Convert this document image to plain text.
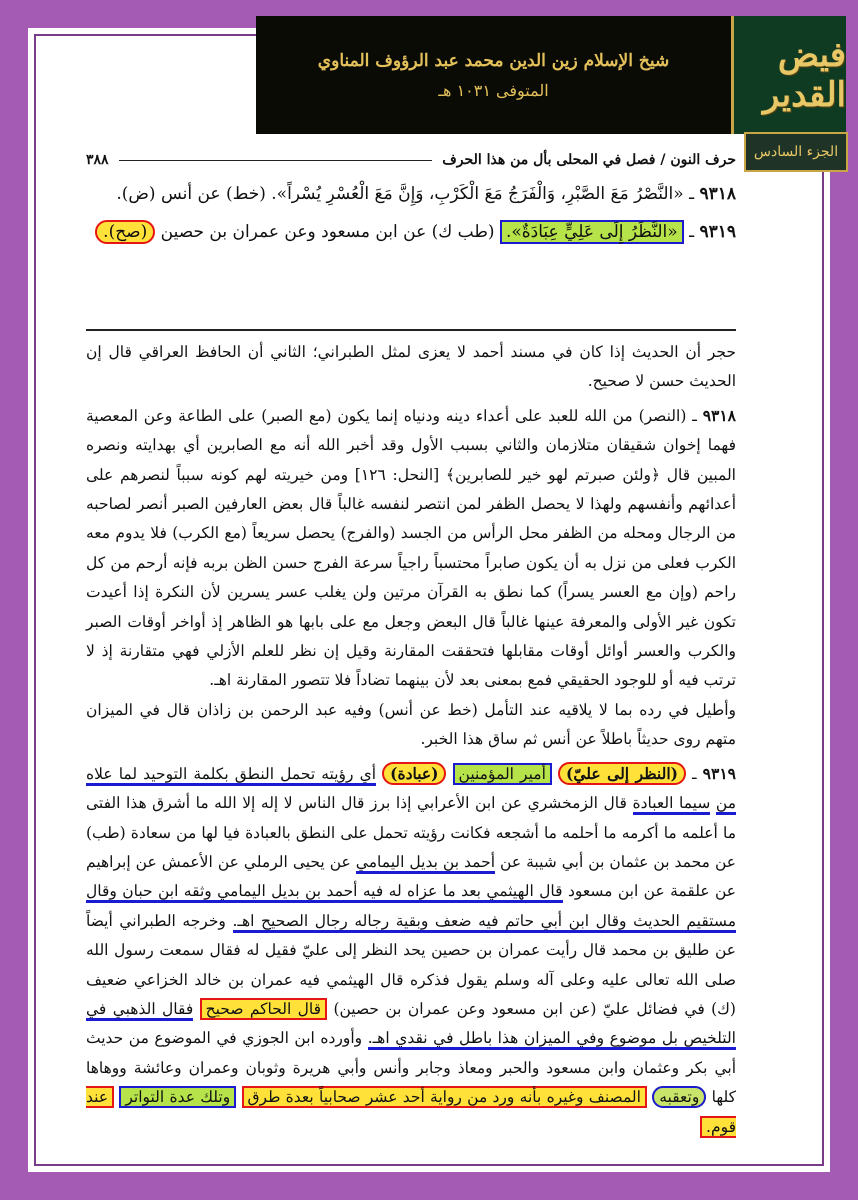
فيض القدير
شيخ الإسلام زين الدين محمد عبد الرؤوف المناوي
المتوفى ١٠٣١ هـ
الجزء السادس
حرف النون / فصل في المحلى بأل من هذا الحرف
٣٨٨

٩٣١٨ ـ «النَّصْرُ مَعَ الصَّبْرِ، وَالْفَرَجُ مَعَ الْكَرْبِ، وَإِنَّ مَعَ الْعُسْرِ يُسْراً». (خط) عن أنس (ض).

٩٣١٩ ـ «النَّظَرُ إِلَى عَلِيٍّ عِبَادَةٌ». (طب ك) عن ابن مسعود وعن عمران بن حصين (صح).

حجر أن الحديث إذا كان في مسند أحمد لا يعزى لمثل الطبراني؛ الثاني أن الحافظ العراقي قال إن الحديث حسن لا صحيح.

٩٣١٨ ـ (النصر) من الله للعبد على أعداء دينه ودنياه إنما يكون (مع الصبر) على الطاعة وعن المعصية فهما إخوان شقيقان متلازمان والثاني بسبب الأول وقد أخبر الله أنه مع الصابرين أي بهدايته ونصره المبين قال ﴿ولئن صبرتم لهو خير للصابرين﴾ [النحل: ١٢٦] ومن خيريته لهم كونه سبباً لنصرهم على أعدائهم وأنفسهم ولهذا لا يحصل الظفر لمن انتصر لنفسه غالباً قال بعض العارفين الصبر أنصر لصاحبه من الرجال ومحله من الظفر محل الرأس من الجسد (والفرج) يحصل سريعاً (مع الكرب) فلا يدوم معه الكرب فعلى من نزل به أن يكون صابراً محتسباً راجياً سرعة الفرج حسن الظن بربه فإنه أرحم من كل راحم (وإن مع العسر يسراً) كما نطق به القرآن مرتين ولن يغلب عسر يسرين لأن النكرة إذا أعيدت تكون غير الأولى والمعرفة عينها غالباً قال البعض وجعل مع على بابها هو الظاهر إذ أواخر أوقات الصبر والكرب والعسر أوائل أوقات مقابلها فتحققت المقارنة وقيل إن نظر للعلم الأزلي فهي متقارنة إذ لا ترتب فيه أو للوجود الحقيقي فمع بمعنى بعد لأن بينهما تضاداً فلا تتصور المقارنة اهـ.

وأطيل في رده بما لا يلاقيه عند التأمل (خط عن أنس) وفيه عبد الرحمن بن زاذان قال في الميزان متهم روى حديثاً باطلاً عن أنس ثم ساق هذا الخبر.

٩٣١٩ ـ (النظر إلى عليّ) أمير المؤمنين (عبادة) أي رؤيته تحمل النطق بكلمة التوحيد لما علاه من سيما العبادة قال الزمخشري عن ابن الأعرابي إذا برز قال الناس لا إله إلا الله ما أشرق هذا الفتى ما أعلمه ما أكرمه ما أحلمه ما أشجعه فكانت رؤيته تحمل على النطق بالعبادة فيا لها من سعادة (طب) عن محمد بن عثمان بن أبي شيبة عن أحمد بن بديل اليمامي عن يحيى الرملي عن الأعمش عن إبراهيم عن علقمة عن ابن مسعود قال الهيثمي بعد ما عزاه له فيه أحمد بن بديل اليمامي وثقه ابن حبان وقال مستقيم الحديث وقال ابن أبي حاتم فيه ضعف وبقية رجاله رجال الصحيح اهـ. وخرجه الطبراني أيضاً عن طليق بن محمد قال رأيت عمران بن حصين يحد النظر إلى عليّ فقيل له فقال سمعت رسول الله صلى الله تعالى عليه وعلى آله وسلم يقول فذكره قال الهيثمي فيه عمران بن خالد الخزاعي ضعيف (ك) في فضائل عليّ (عن ابن مسعود وعن عمران بن حصين) قال الحاكم صحيح فقال الذهبي في التلخيص بل موضوع وفي الميزان هذا باطل في نقدي اهـ. وأورده ابن الجوزي في الموضوع من حديث أبي بكر وعثمان وابن مسعود والحبر ومعاذ وجابر وأنس وأبي هريرة وثوبان وعمران وعائشة ووهاها كلها وتعقبه المصنف وغيره بأنه ورد من رواية أحد عشر صحابياً بعدة طرق وتلك عدة التواتر عند قوم.
